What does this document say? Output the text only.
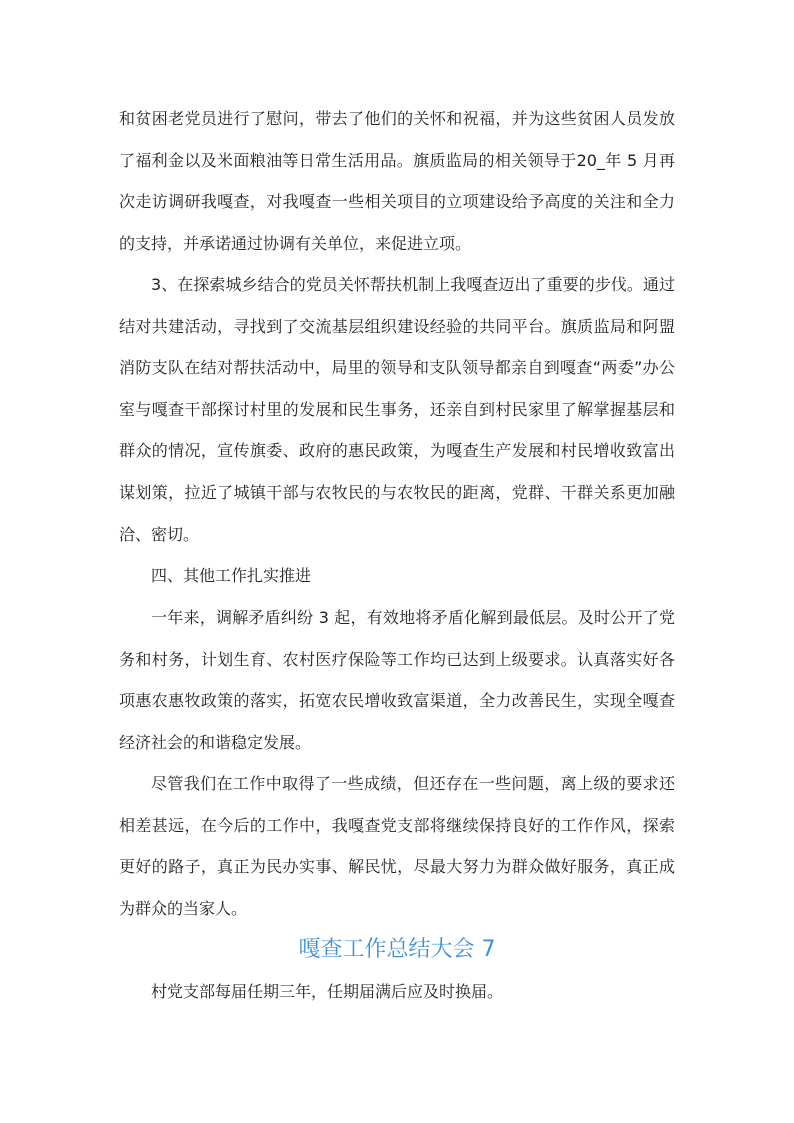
和贫困老党员进行了慰问，带去了他们的关怀和祝福，并为这些贫困人员发放了福利金以及米面粮油等日常生活用品。旗质监局的相关领导于20_年 5 月再次走访调研我嘎查，对我嘎查一些相关项目的立项建设给予高度的关注和全力的支持，并承诺通过协调有关单位，来促进立项。

3、在探索城乡结合的党员关怀帮扶机制上我嘎查迈出了重要的步伐。通过结对共建活动，寻找到了交流基层组织建设经验的共同平台。旗质监局和阿盟消防支队在结对帮扶活动中，局里的领导和支队领导都亲自到嘎查“两委”办公室与嘎查干部探讨村里的发展和民生事务，还亲自到村民家里了解掌握基层和群众的情况，宣传旗委、政府的惠民政策，为嘎查生产发展和村民增收致富出谋划策，拉近了城镇干部与农牧民的与农牧民的距离，党群、干群关系更加融洽、密切。

四、其他工作扎实推进

一年来，调解矛盾纠纷 3 起，有效地将矛盾化解到最低层。及时公开了党务和村务，计划生育、农村医疗保险等工作均已达到上级要求。认真落实好各项惠农惠牧政策的落实，拓宽农民增收致富渠道，全力改善民生，实现全嘎查经济社会的和谐稳定发展。

尽管我们在工作中取得了一些成绩，但还存在一些问题，离上级的要求还相差甚远，在今后的工作中，我嘎查党支部将继续保持良好的工作作风，探索更好的路子，真正为民办实事、解民忧，尽最大努力为群众做好服务，真正成为群众的当家人。

嘎查工作总结大会 7

村党支部每届任期三年，任期届满后应及时换届。
